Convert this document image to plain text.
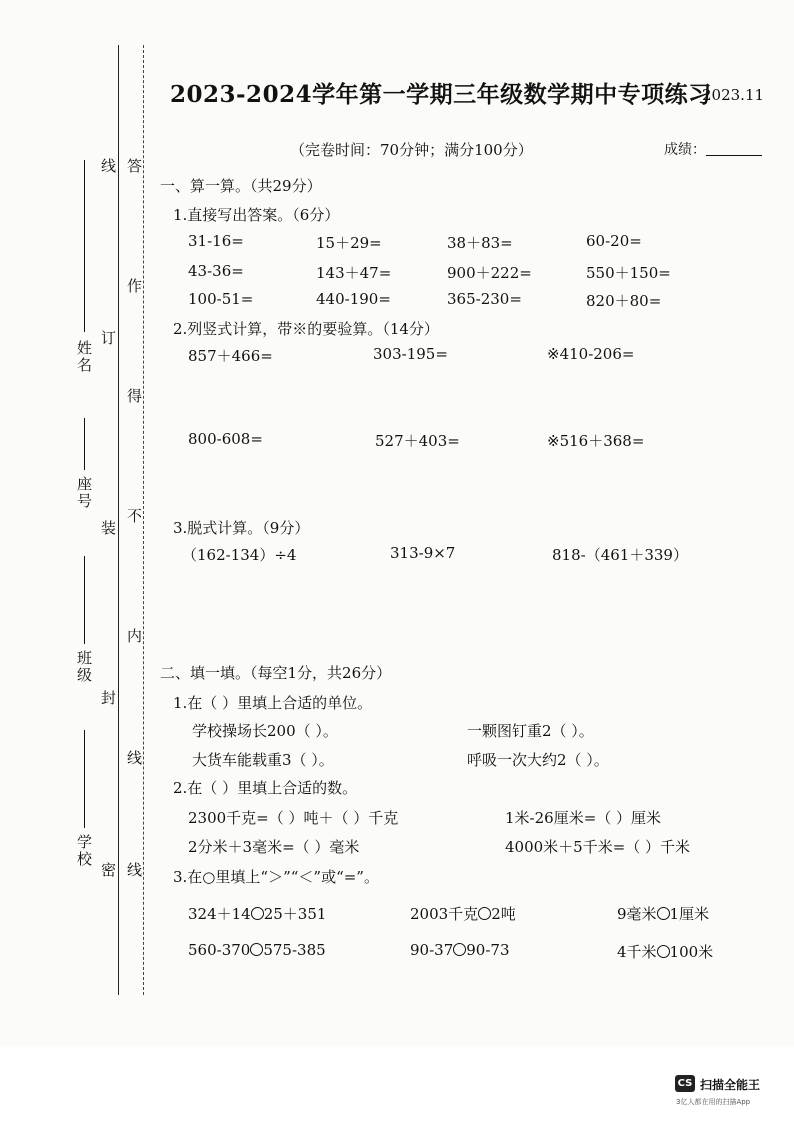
学校
班级
座号
姓名
密
封
装
订
线
线
内
不
得
作
答
线
2023-2024学年第一学期三年级数学期中专项练习
2023.11
（完卷时间：70分钟；满分100分）	成绩：
一、算一算。（共29分）
1.直接写出答案。（6分）
31-16=	15＋29=	38＋83=	60-20=
43-36=	143＋47=	900＋222=	550＋150=
100-51=	440-190=	365-230=	820＋80=
2.列竖式计算，带※的要验算。（14分）
857＋466=	303-195=	※410-206=
800-608=	527＋403=	※516＋368=
3.脱式计算。（9分）
（162-134）÷4	313-9×7	818-（461＋339）
二、填一填。（每空1分，共26分）
1.在（ ）里填上合适的单位。
学校操场长200（ ）。	一颗图钉重2（ ）。
大货车能载重3（ ）。	呼吸一次大约2（ ）。
2.在（ ）里填上合适的数。
2300千克=（ ）吨＋（ ）千克	1米-26厘米=（ ）厘米
2分米＋3毫米=（ ）毫米	4000米＋5千米=（ ）千米
3.在○里填上“＞”“＜”或“=”。
324＋14 25＋351	2003千克 2吨	9毫米 1厘米
560-370 575-385	90-37 90-73	4千米 100米
CS 扫描全能王
3亿人都在用的扫描App
